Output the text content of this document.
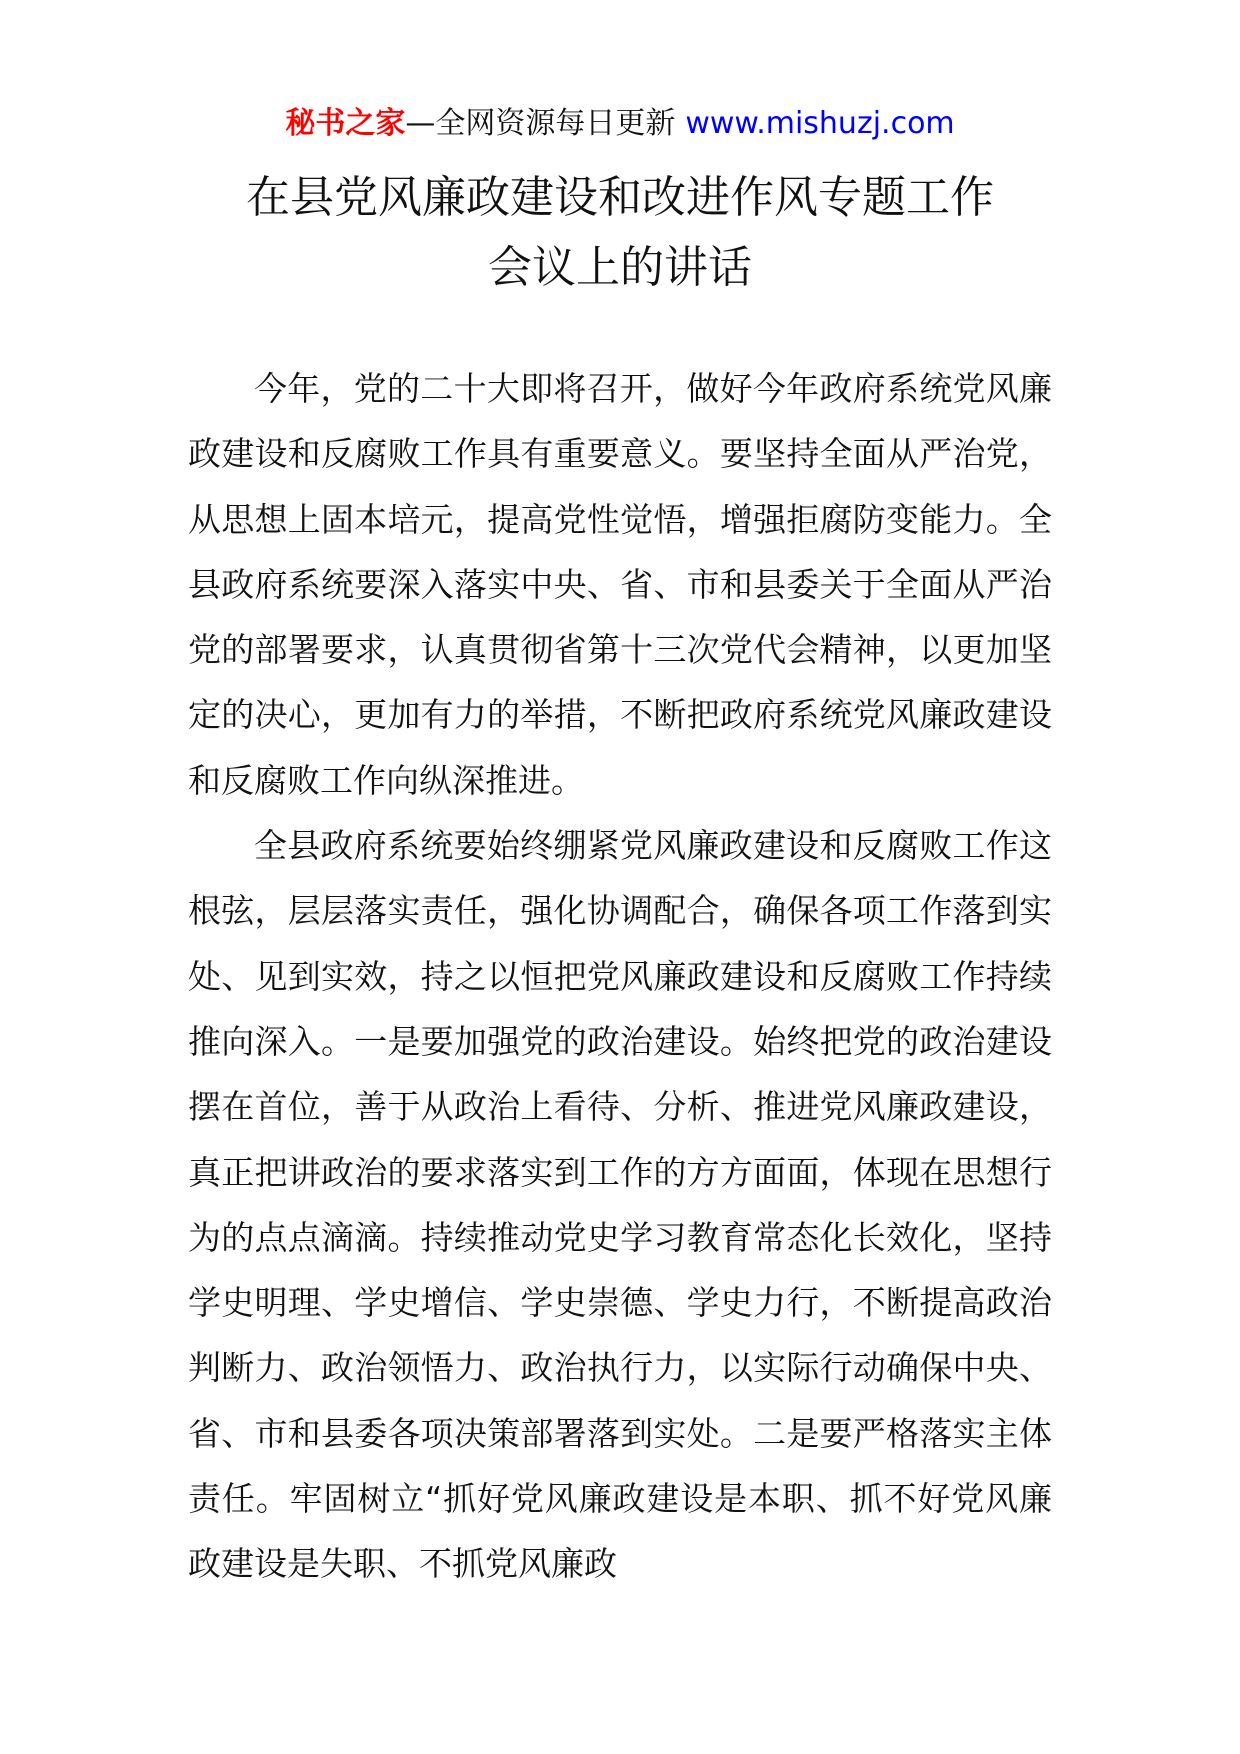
秘书之家—全网资源每日更新 www.mishuzj.com
在县党风廉政建设和改进作风专题工作
会议上的讲话

今年，党的二十大即将召开，做好今年政府系统党风廉政建设和反腐败工作具有重要意义。要坚持全面从严治党，从思想上固本培元，提高党性觉悟，增强拒腐防变能力。全县政府系统要深入落实中央、省、市和县委关于全面从严治党的部署要求，认真贯彻省第十三次党代会精神，以更加坚定的决心，更加有力的举措，不断把政府系统党风廉政建设和反腐败工作向纵深推进。

全县政府系统要始终绷紧党风廉政建设和反腐败工作这根弦，层层落实责任，强化协调配合，确保各项工作落到实处、见到实效，持之以恒把党风廉政建设和反腐败工作持续推向深入。一是要加强党的政治建设。始终把党的政治建设摆在首位，善于从政治上看待、分析、推进党风廉政建设，真正把讲政治的要求落实到工作的方方面面，体现在思想行为的点点滴滴。持续推动党史学习教育常态化长效化，坚持学史明理、学史增信、学史崇德、学史力行，不断提高政治判断力、政治领悟力、政治执行力，以实际行动确保中央、省、市和县委各项决策部署落到实处。二是要严格落实主体责任。牢固树立“抓好党风廉政建设是本职、抓不好党风廉政建设是失职、不抓党风廉政
